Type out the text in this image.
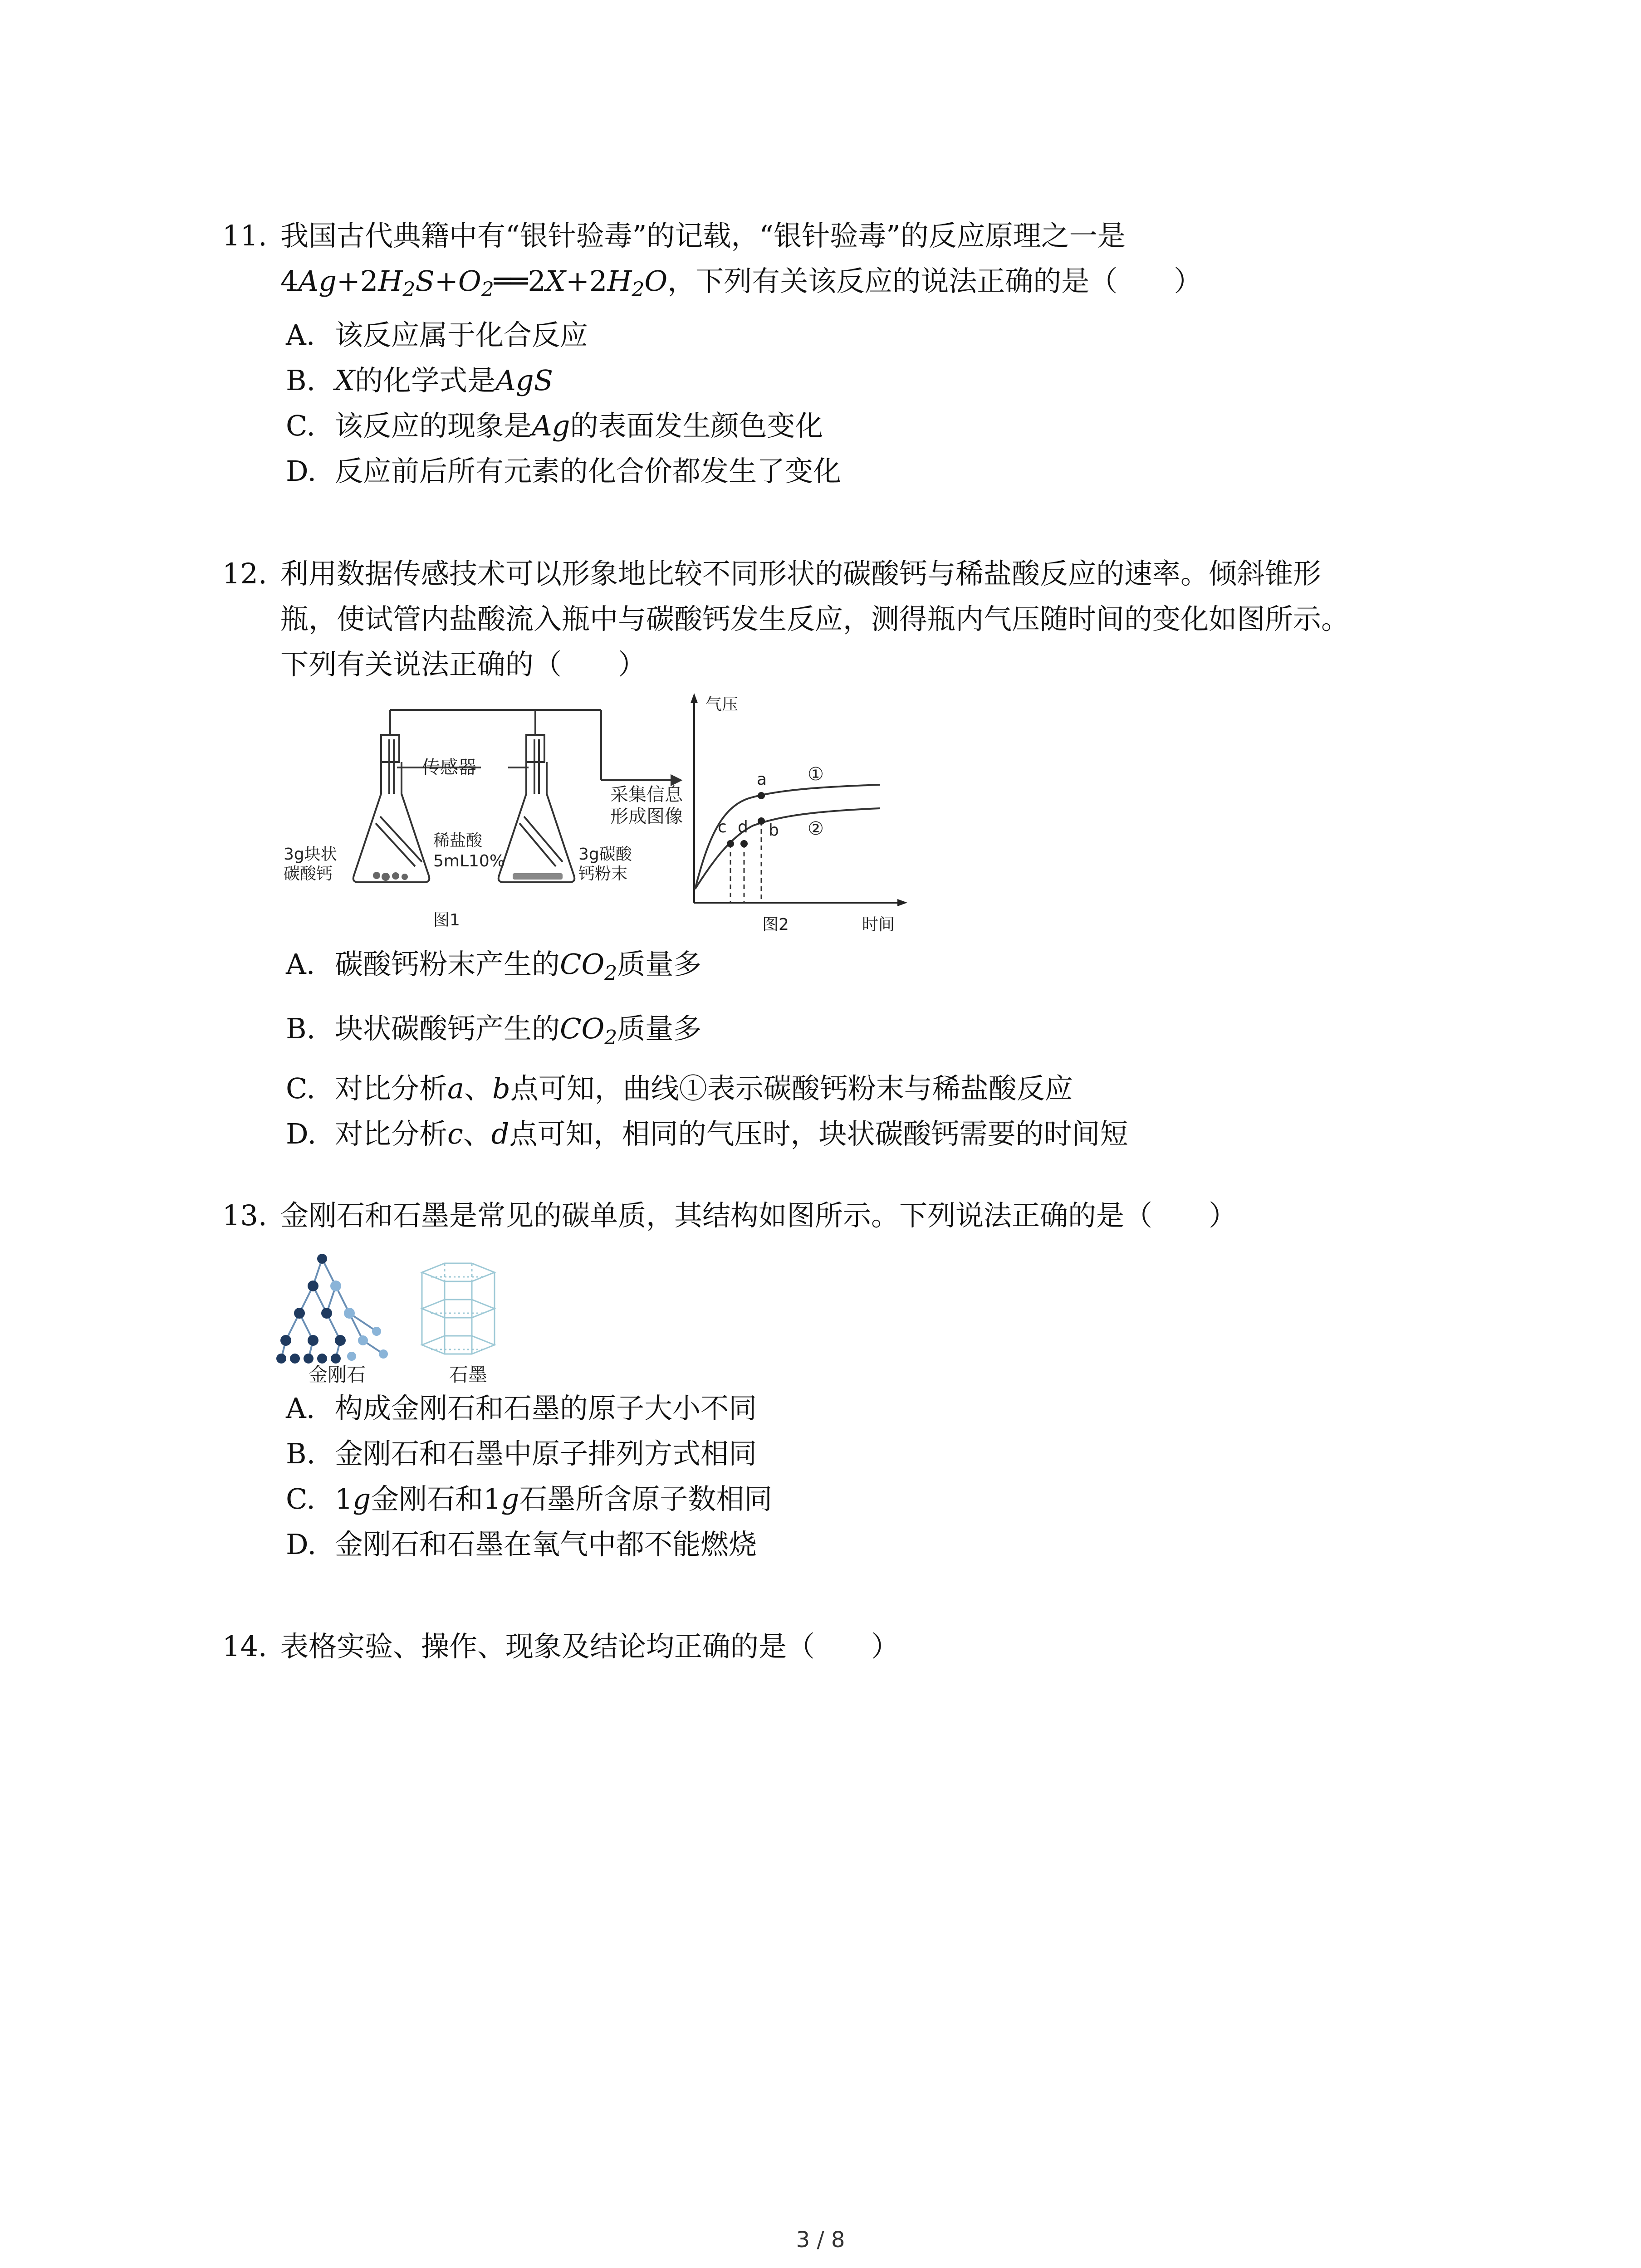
11. 我国古代典籍中有“银针验毒”的记载，“银针验毒”的反应原理之一是
$4Ag+2H_2S+O_2══2X+2H_2O$，下列有关该反应的说法正确的是（　　）
A. 该反应属于化合反应
B. X的化学式是AgS
C. 该反应的现象是Ag的表面发生颜色变化
D. 反应前后所有元素的化合价都发生了变化
12. 利用数据传感技术可以形象地比较不同形状的碳酸钙与稀盐酸反应的速率。倾斜锥形
瓶，使试管内盐酸流入瓶中与碳酸钙发生反应，测得瓶内气压随时间的变化如图所示。
下列有关说法正确的（　　）
传感器
采集信息
形成图像
3g块状
碳酸钙
稀盐酸
5mL10%	3g碳酸
钙粉末
图1
气压
时间
图2
c d
a
b
①
②
A. 碳酸钙粉末产生的$CO_2$质量多
B. 块状碳酸钙产生的$CO_2$质量多
C. 对比分析a、b点可知，曲线①表示碳酸钙粉末与稀盐酸反应
D. 对比分析c、d点可知，相同的气压时，块状碳酸钙需要的时间短
13. 金刚石和石墨是常见的碳单质，其结构如图所示。下列说法正确的是（　　）
金刚石	石墨
A. 构成金刚石和石墨的原子大小不同
B. 金刚石和石墨中原子排列方式相同
C. 1g金刚石和1g石墨所含原子数相同
D. 金刚石和石墨在氧气中都不能燃烧
14. 表格实验、操作、现象及结论均正确的是（　　）
3 / 8
